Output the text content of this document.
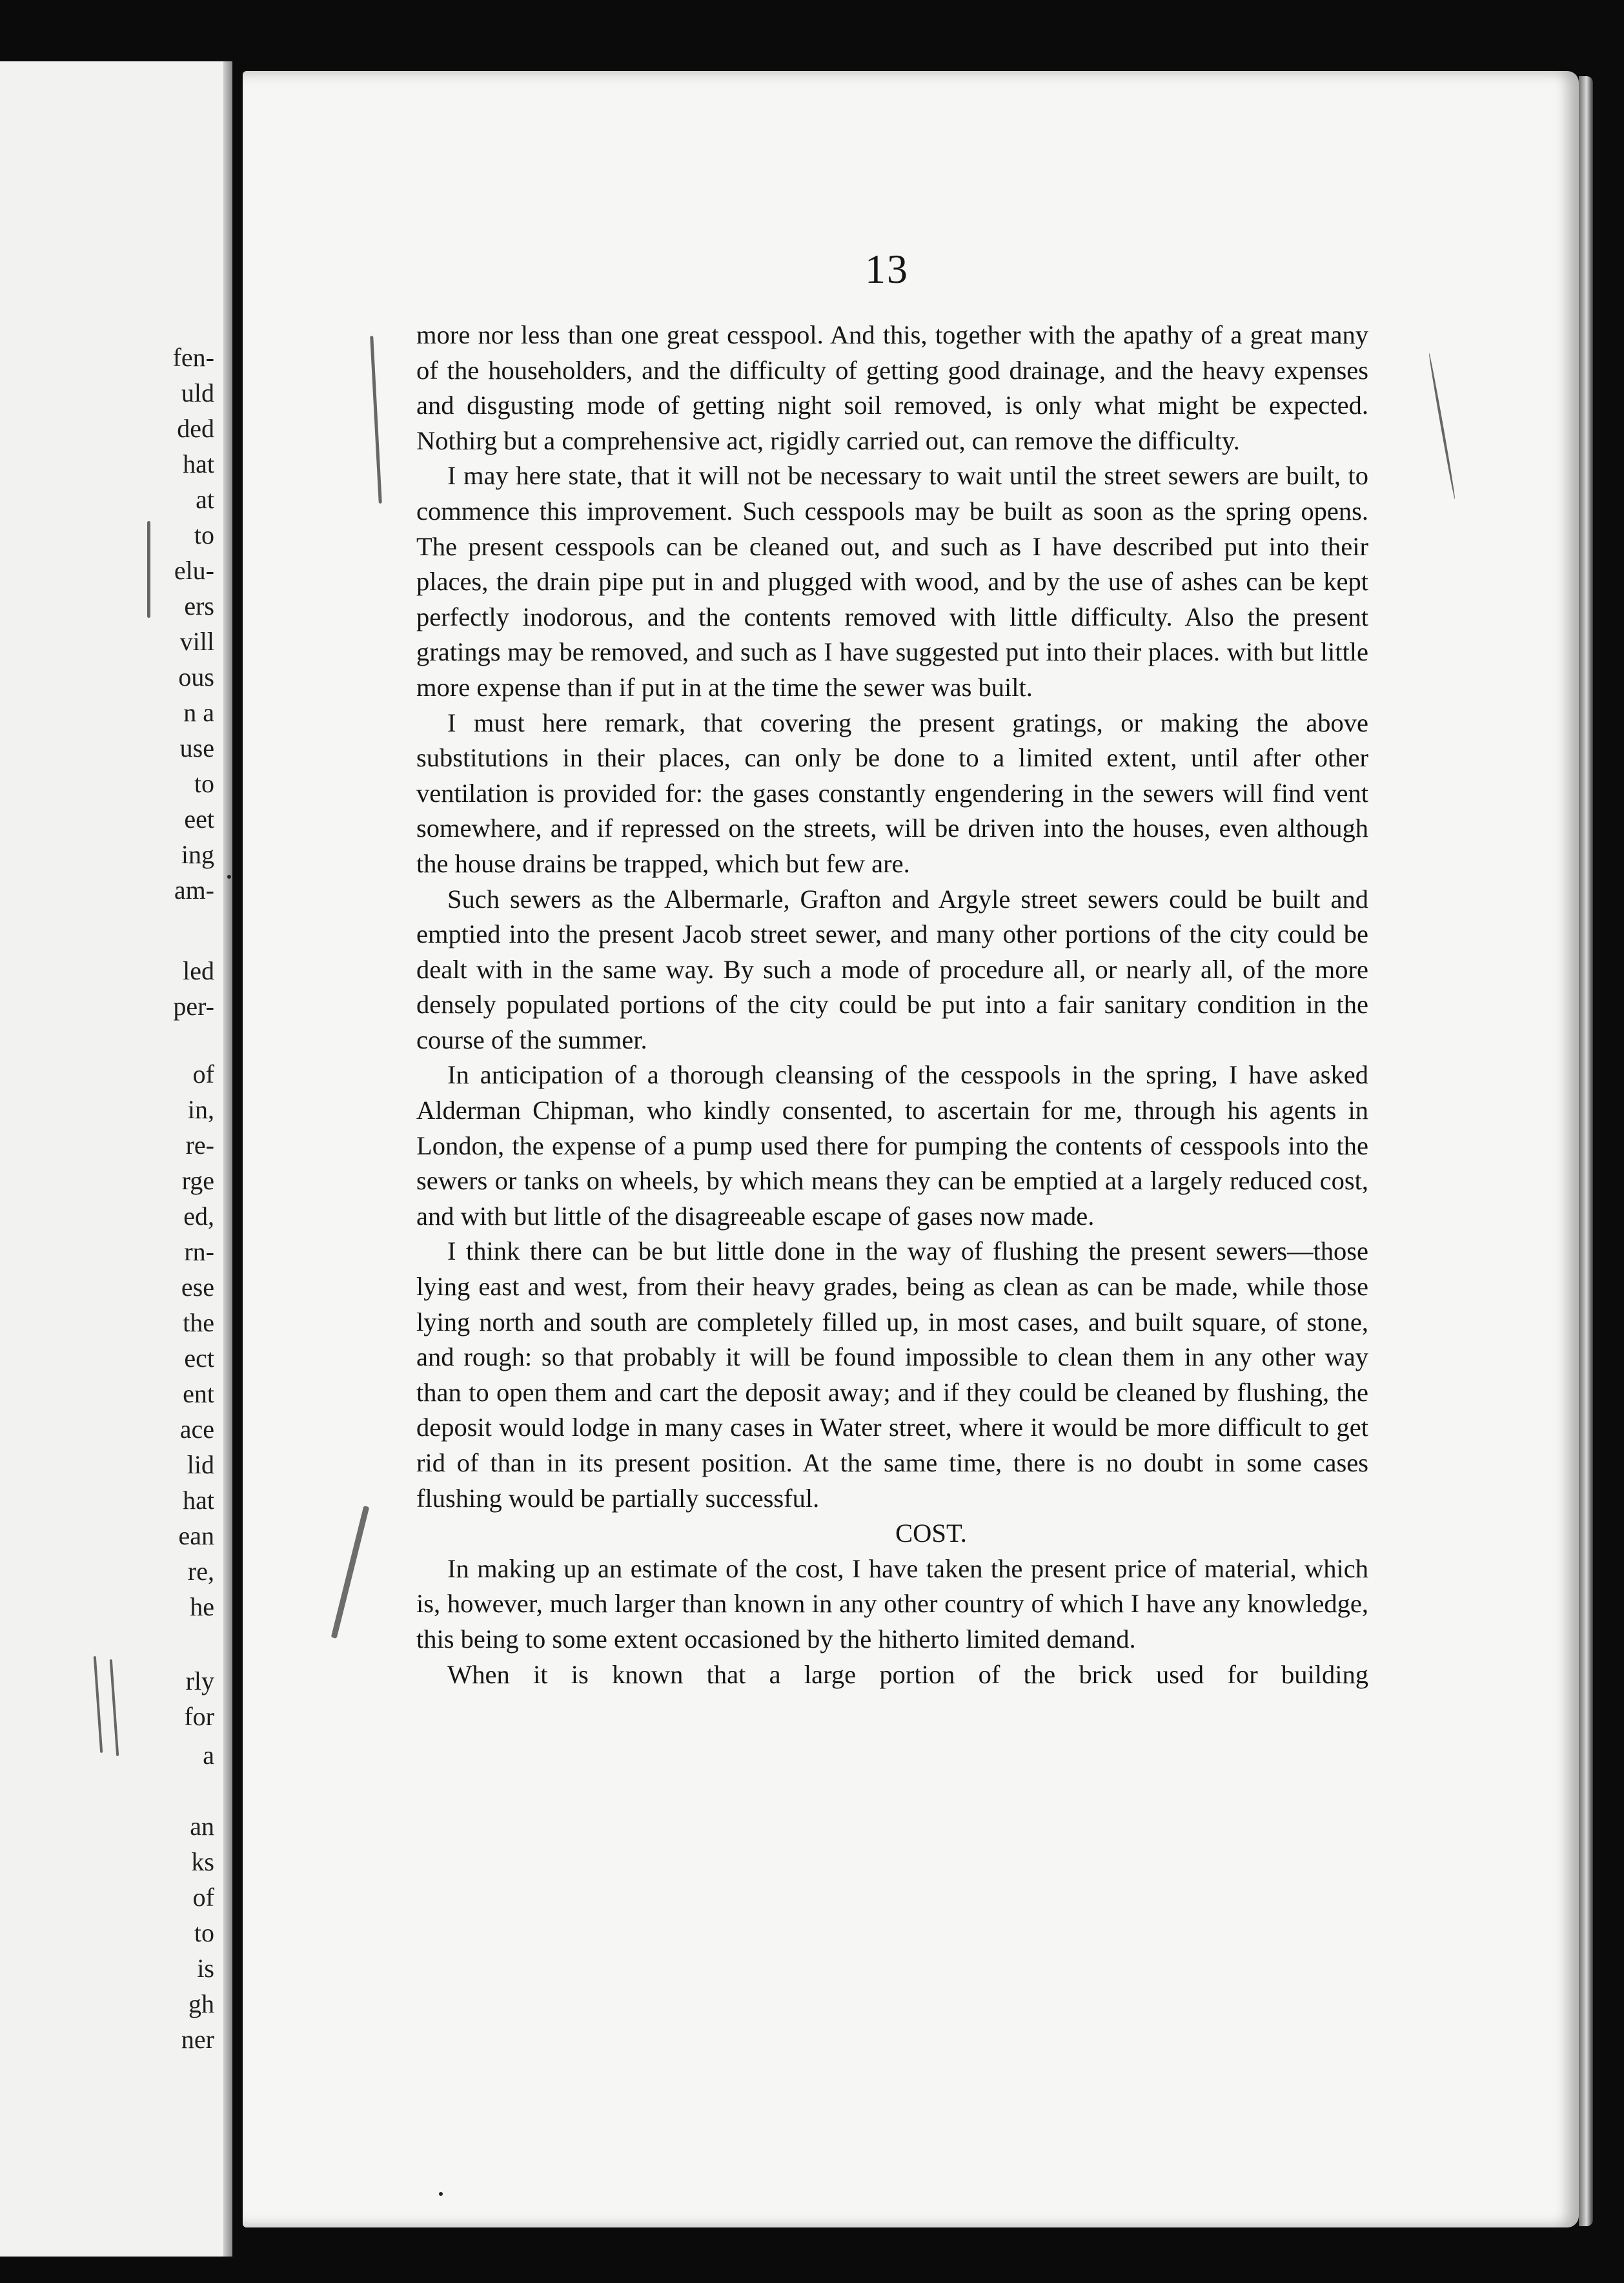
fen-
uld
ded
hat
at
to
elu-
ers
vill
ous
n a
use
to
eet
ing
am-
led
per-
of
in,
re-
rge
ed,
rn-
ese
the
ect
ent
ace
lid
hat
ean
re,
he
rly
for
a
an
ks
of
to
is
gh
ner
13

more nor less than one great cesspool. And this, together with the apathy of a great many of the householders, and the difficulty of getting good drainage, and the heavy expenses and disgusting mode of getting night soil removed, is only what might be expected. Nothirg but a comprehensive act, rigidly carried out, can remove the difficulty.

I may here state, that it will not be necessary to wait until the street sewers are built, to commence this improvement. Such cesspools may be built as soon as the spring opens. The present cesspools can be cleaned out, and such as I have described put into their places, the drain pipe put in and plugged with wood, and by the use of ashes can be kept perfectly inodorous, and the contents removed with little difficulty. Also the present gratings may be removed, and such as I have suggested put into their places. with but little more expense than if put in at the time the sewer was built.

I must here remark, that covering the present gratings, or making the above substitutions in their places, can only be done to a limited extent, until after other ventilation is provided for: the gases constantly engendering in the sewers will find vent somewhere, and if repressed on the streets, will be driven into the houses, even although the house drains be trapped, which but few are.

Such sewers as the Albermarle, Grafton and Argyle street sewers could be built and emptied into the present Jacob street sewer, and many other portions of the city could be dealt with in the same way. By such a mode of procedure all, or nearly all, of the more densely populated portions of the city could be put into a fair sanitary condition in the course of the summer.

In anticipation of a thorough cleansing of the cesspools in the spring, I have asked Alderman Chipman, who kindly consented, to ascertain for me, through his agents in London, the expense of a pump used there for pumping the contents of cesspools into the sewers or tanks on wheels, by which means they can be emptied at a largely reduced cost, and with but little of the disagreeable escape of gases now made.

I think there can be but little done in the way of flushing the present sewers—those lying east and west, from their heavy grades, being as clean as can be made, while those lying north and south are completely filled up, in most cases, and built square, of stone, and rough: so that probably it will be found impossible to clean them in any other way than to open them and cart the deposit away; and if they could be cleaned by flushing, the deposit would lodge in many cases in Water street, where it would be more difficult to get rid of than in its present position. At the same time, there is no doubt in some cases flushing would be partially successful.

COST.

In making up an estimate of the cost, I have taken the present price of material, which is, however, much larger than known in any other country of which I have any knowledge, this being to some extent occasioned by the hitherto limited demand.

When it is known that a large portion of the brick used for building
